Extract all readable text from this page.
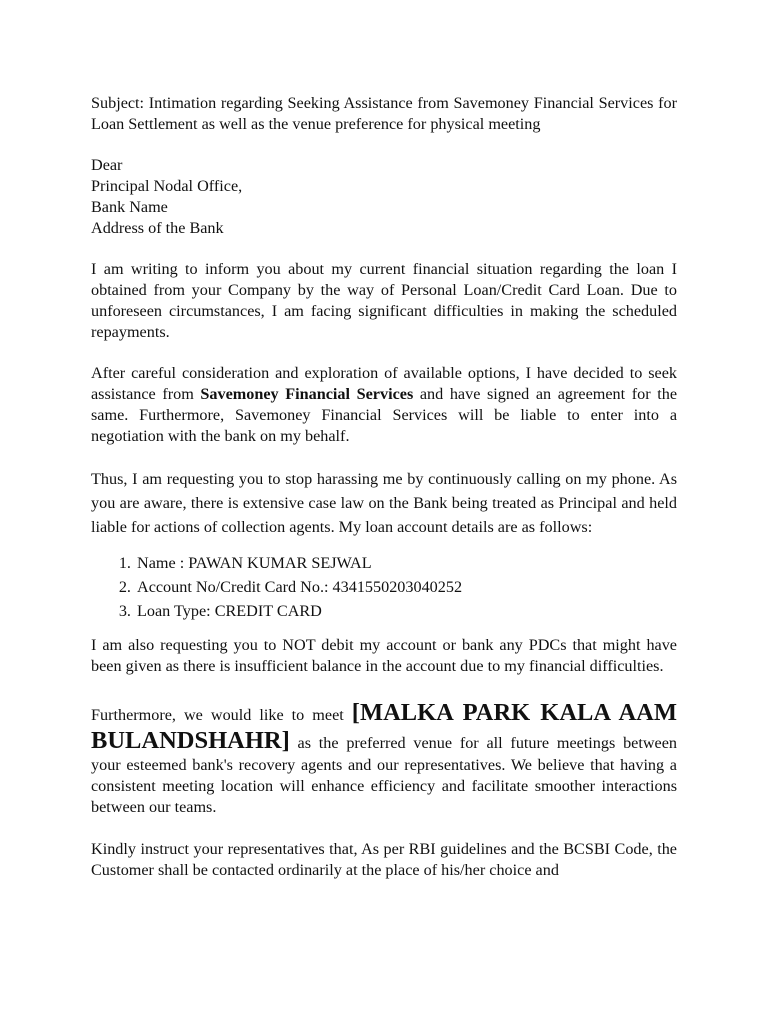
Subject: Intimation regarding Seeking Assistance from Savemoney Financial Services for Loan Settlement as well as the venue preference for physical meeting

Dear
Principal Nodal Office,
Bank Name
Address of the Bank

I am writing to inform you about my current financial situation regarding the loan I obtained from your Company by the way of Personal Loan/Credit Card Loan. Due to unforeseen circumstances, I am facing significant difficulties in making the scheduled repayments.

After careful consideration and exploration of available options, I have decided to seek assistance from Savemoney Financial Services and have signed an agreement for the same. Furthermore, Savemoney Financial Services will be liable to enter into a negotiation with the bank on my behalf.

Thus, I am requesting you to stop harassing me by continuously calling on my phone. As you are aware, there is extensive case law on the Bank being treated as Principal and held liable for actions of collection agents. My loan account details are as follows:

1. Name : PAWAN KUMAR SEJWAL
2. Account No/Credit Card No.: 4341550203040252
3. Loan Type: CREDIT CARD

I am also requesting you to NOT debit my account or bank any PDCs that might have been given as there is insufficient balance in the account due to my financial difficulties.

Furthermore, we would like to meet [MALKA PARK KALA AAM BULANDSHAHR] as the preferred venue for all future meetings between your esteemed bank's recovery agents and our representatives. We believe that having a consistent meeting location will enhance efficiency and facilitate smoother interactions between our teams.

Kindly instruct your representatives that, As per RBI guidelines and the BCSBI Code, the Customer shall be contacted ordinarily at the place of his/her choice and
